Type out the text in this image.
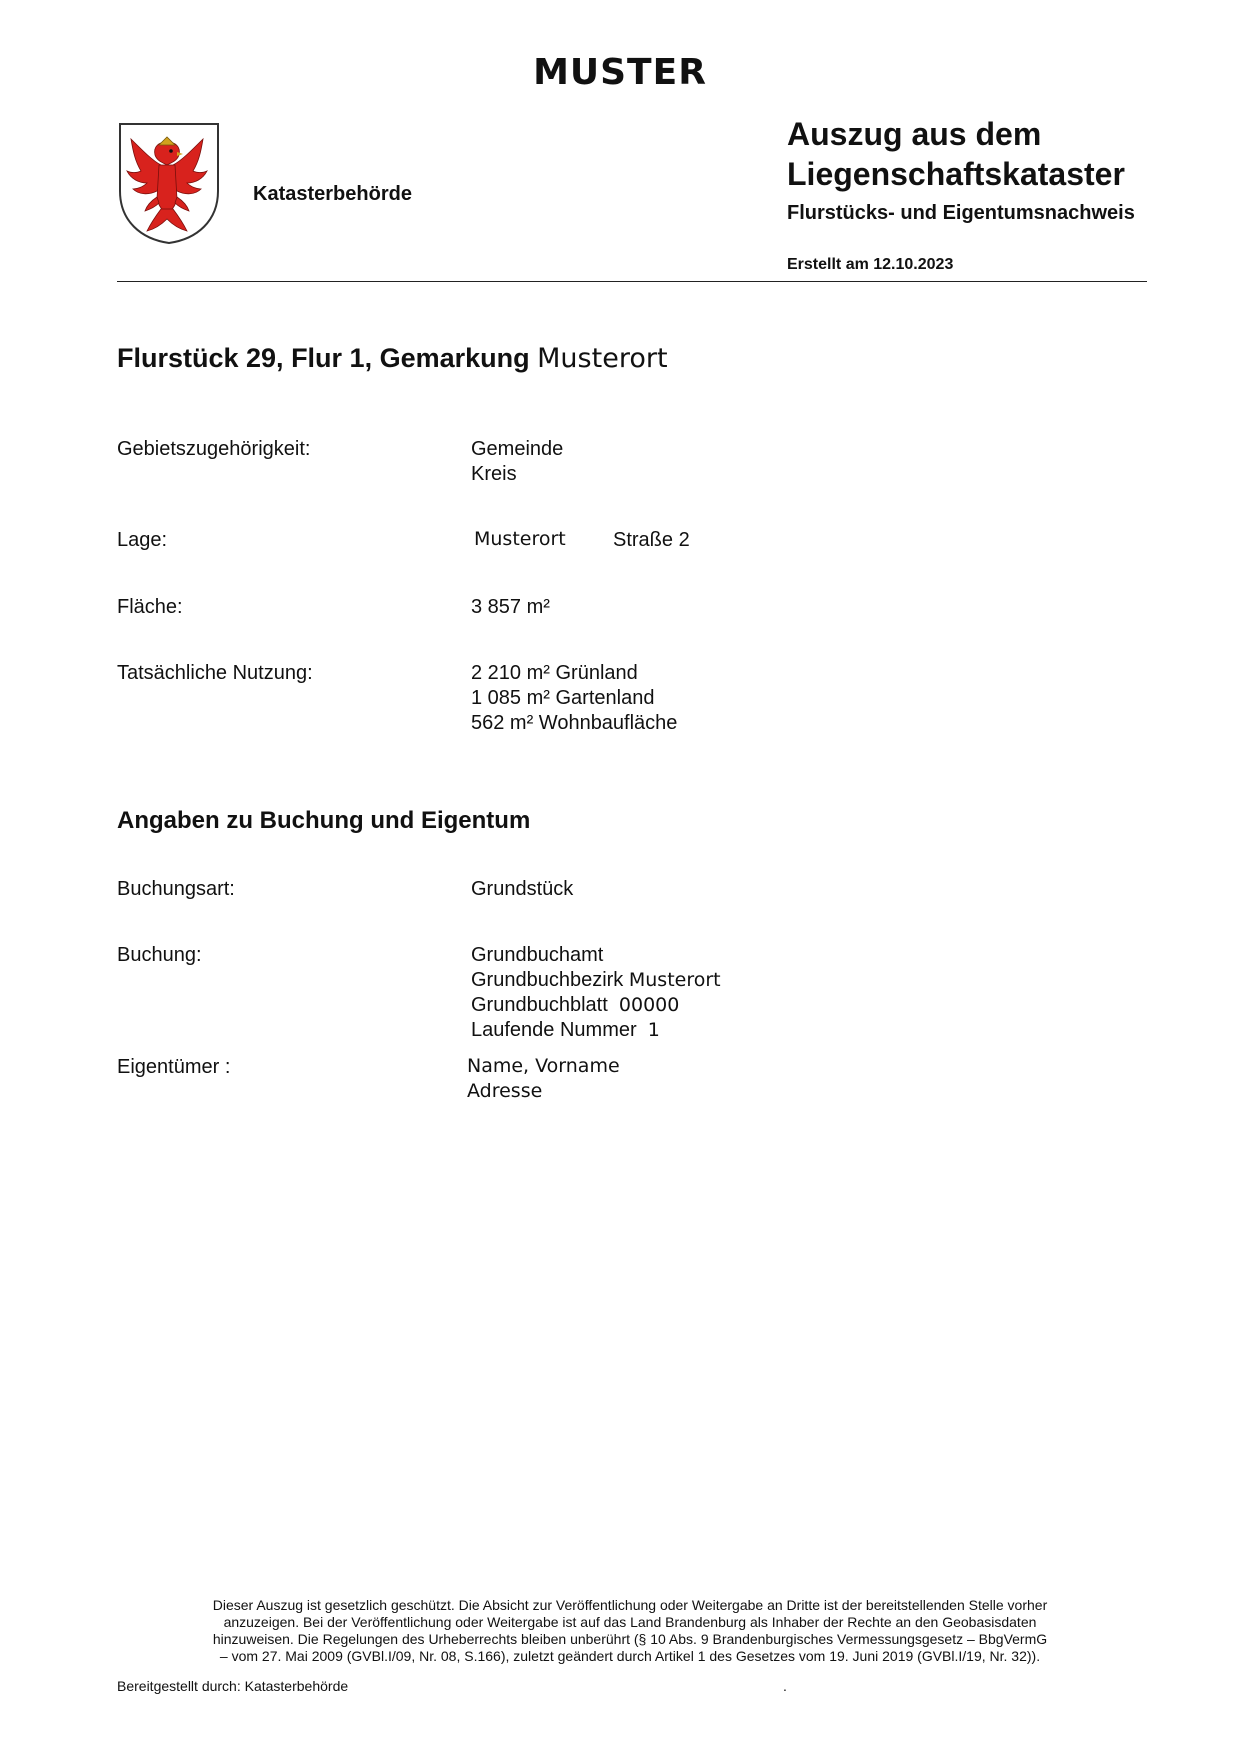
MUSTER
Katasterbehörde
Auszug aus dem
Liegenschaftskataster
Flurstücks- und Eigentumsnachweis
Erstellt am 12.10.2023
Flurstück 29, Flur 1, Gemarkung Musterort
Gebietszugehörigkeit:	Gemeinde
Kreis
Lage:	Musterort Straße 2
Fläche:	3 857 m²
Tatsächliche Nutzung:	2 210 m² Grünland
1 085 m² Gartenland
562 m² Wohnbaufläche
Angaben zu Buchung und Eigentum
Buchungsart:	Grundstück
Buchung:	Grundbuchamt
Grundbuchbezirk Musterort
Grundbuchblatt 00000
Laufende Nummer 1
Eigentümer :	Name, Vorname
Adresse
Dieser Auszug ist gesetzlich geschützt. Die Absicht zur Veröffentlichung oder Weitergabe an Dritte ist der bereitstellenden Stelle vorher
anzuzeigen. Bei der Veröffentlichung oder Weitergabe ist auf das Land Brandenburg als Inhaber der Rechte an den Geobasisdaten
hinzuweisen. Die Regelungen des Urheberrechts bleiben unberührt (§ 10 Abs. 9 Brandenburgisches Vermessungsgesetz – BbgVermG
– vom 27. Mai 2009 (GVBl.I/09, Nr. 08, S.166), zuletzt geändert durch Artikel 1 des Gesetzes vom 19. Juni 2019 (GVBl.I/19, Nr. 32)).
Bereitgestellt durch: Katasterbehörde	.
